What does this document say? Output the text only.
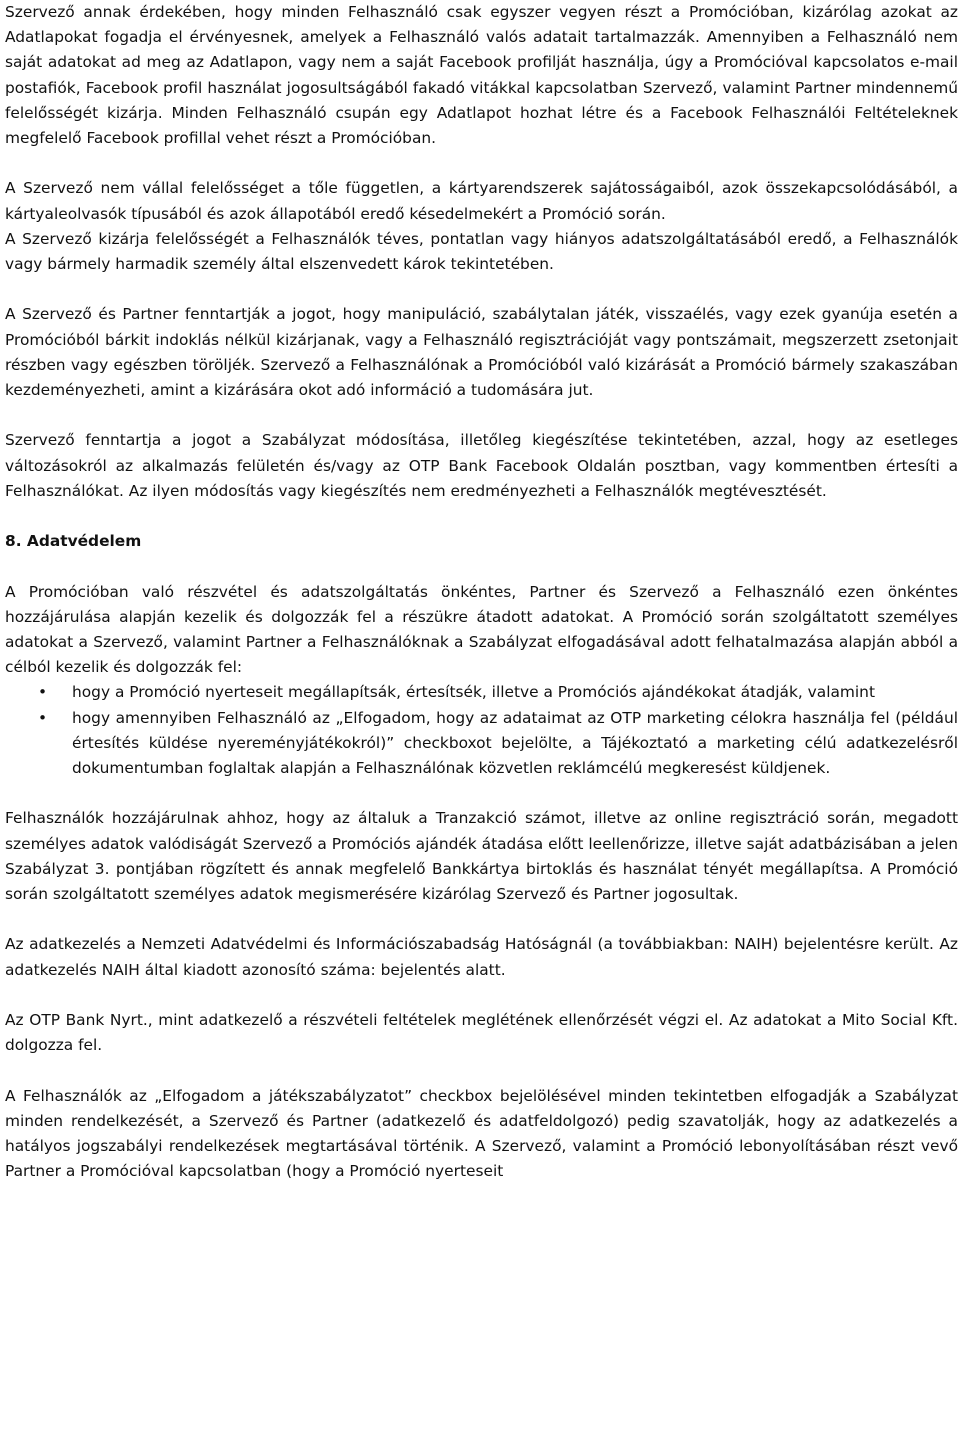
Szervező annak érdekében, hogy minden Felhasználó csak egyszer vegyen részt a Promócióban, kizárólag azokat az Adatlapokat fogadja el érvényesnek, amelyek a Felhasználó valós adatait tartalmazzák. Amennyiben a Felhasználó nem saját adatokat ad meg az Adatlapon, vagy nem a saját Facebook profilját használja, úgy a Promócióval kapcsolatos e-mail postafiók, Facebook profil használat jogosultságából fakadó vitákkal kapcsolatban Szervező, valamint Partner mindennemű felelősségét kizárja. Minden Felhasználó csupán egy Adatlapot hozhat létre és a Facebook Felhasználói Feltételeknek megfelelő Facebook profillal vehet részt a Promócióban.

A Szervező nem vállal felelősséget a tőle független, a kártyarendszerek sajátosságaiból, azok összekapcsolódásából, a kártyaleolvasók típusából és azok állapotából eredő késedelmekért a Promóció során.

A Szervező kizárja felelősségét a Felhasználók téves, pontatlan vagy hiányos adatszolgáltatásából eredő, a Felhasználók vagy bármely harmadik személy által elszenvedett károk tekintetében.

A Szervező és Partner fenntartják a jogot, hogy manipuláció, szabálytalan játék, visszaélés, vagy ezek gyanúja esetén a Promócióból bárkit indoklás nélkül kizárjanak, vagy a Felhasználó regisztrációját vagy pontszámait, megszerzett zsetonjait részben vagy egészben töröljék. Szervező a Felhasználónak a Promócióból való kizárását a Promóció bármely szakaszában kezdeményezheti, amint a kizárására okot adó információ a tudomására jut.

Szervező fenntartja a jogot a Szabályzat módosítása, illetőleg kiegészítése tekintetében, azzal, hogy az esetleges változásokról az alkalmazás felületén és/vagy az OTP Bank Facebook Oldalán posztban, vagy kommentben értesíti a Felhasználókat. Az ilyen módosítás vagy kiegészítés nem eredményezheti a Felhasználók megtévesztését.

8. Adatvédelem

A Promócióban való részvétel és adatszolgáltatás önkéntes, Partner és Szervező a Felhasználó ezen önkéntes hozzájárulása alapján kezelik és dolgozzák fel a részükre átadott adatokat. A Promóció során szolgáltatott személyes adatokat a Szervező, valamint Partner a Felhasználóknak a Szabályzat elfogadásával adott felhatalmazása alapján abból a célból kezelik és dolgozzák fel:

• hogy a Promóció nyerteseit megállapítsák, értesítsék, illetve a Promóciós ajándékokat átadják, valamint
• hogy amennyiben Felhasználó az „Elfogadom, hogy az adataimat az OTP marketing célokra használja fel (például értesítés küldése nyereményjátékokról)” checkboxot bejelölte, a Tájékoztató a marketing célú adatkezelésről dokumentumban foglaltak alapján a Felhasználónak közvetlen reklámcélú megkeresést küldjenek.

Felhasználók hozzájárulnak ahhoz, hogy az általuk a Tranzakció számot, illetve az online regisztráció során, megadott személyes adatok valódiságát Szervező a Promóciós ajándék átadása előtt leellenőrizze, illetve saját adatbázisában a jelen Szabályzat 3. pontjában rögzített és annak megfelelő Bankkártya birtoklás és használat tényét megállapítsa. A Promóció során szolgáltatott személyes adatok megismerésére kizárólag Szervező és Partner jogosultak.

Az adatkezelés a Nemzeti Adatvédelmi és Információszabadság Hatóságnál (a továbbiakban: NAIH) bejelentésre került. Az adatkezelés NAIH által kiadott azonosító száma: bejelentés alatt.

Az OTP Bank Nyrt., mint adatkezelő a részvételi feltételek meglétének ellenőrzését végzi el. Az adatokat a Mito Social Kft. dolgozza fel.

A Felhasználók az „Elfogadom a játékszabályzatot” checkbox bejelölésével minden tekintetben elfogadják a Szabályzat minden rendelkezését, a Szervező és Partner (adatkezelő és adatfeldolgozó) pedig szavatolják, hogy az adatkezelés a hatályos jogszabályi rendelkezések megtartásával történik. A Szervező, valamint a Promóció lebonyolításában részt vevő Partner a Promócióval kapcsolatban (hogy a Promóció nyerteseit
